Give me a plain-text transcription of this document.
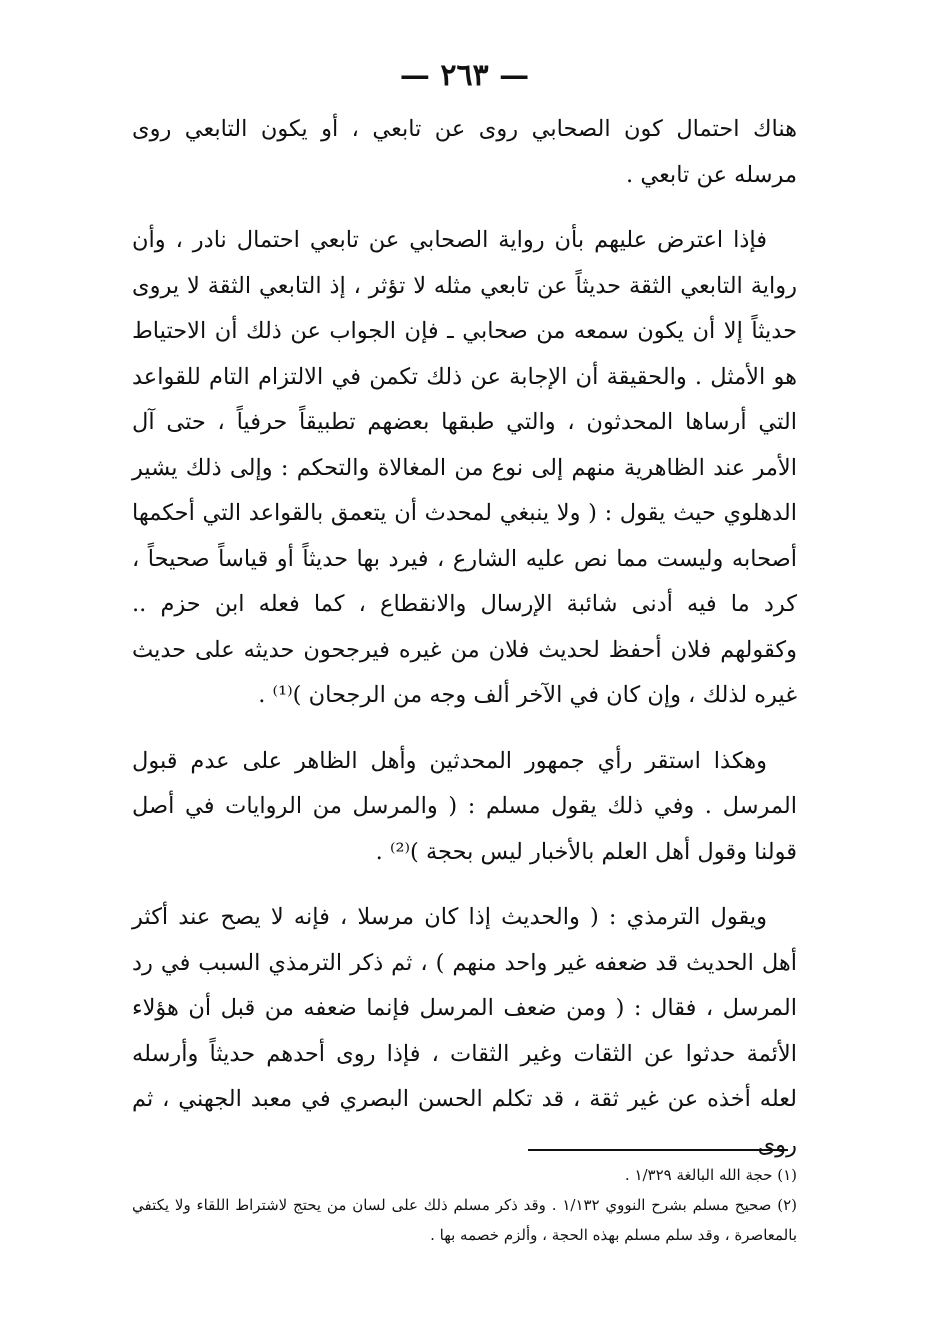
— ٢٦٣ —

هناك احتمال كون الصحابي روى عن تابعي ، أو يكون التابعي روى مرسله عن تابعي .

فإذا اعترض عليهم بأن رواية الصحابي عن تابعي احتمال نادر ، وأن رواية التابعي الثقة حديثاً عن تابعي مثله لا تؤثر ، إذ التابعي الثقة لا يروى حديثاً إلا أن يكون سمعه من صحابي ـ فإن الجواب عن ذلك أن الاحتياط هو الأمثل . والحقيقة أن الإجابة عن ذلك تكمن في الالتزام التام للقواعد التي أرساها المحدثون ، والتي طبقها بعضهم تطبيقاً حرفياً ، حتى آل الأمر عند الظاهرية منهم إلى نوع من المغالاة والتحكم : وإلى ذلك يشير الدهلوي حيث يقول : ( ولا ينبغي لمحدث أن يتعمق بالقواعد التي أحكمها أصحابه وليست مما نص عليه الشارع ، فيرد بها حديثاً أو قياساً صحيحاً ، كرد ما فيه أدنى شائبة الإرسال والانقطاع ، كما فعله ابن حزم .. وكقولهم فلان أحفظ لحديث فلان من غيره فيرجحون حديثه على حديث غيره لذلك ، وإن كان في الآخر ألف وجه من الرجحان )⁽¹⁾ .

وهكذا استقر رأي جمهور المحدثين وأهل الظاهر على عدم قبول المرسل . وفي ذلك يقول مسلم : ( والمرسل من الروايات في أصل قولنا وقول أهل العلم بالأخبار ليس بحجة )⁽²⁾ .

ويقول الترمذي : ( والحديث إذا كان مرسلا ، فإنه لا يصح عند أكثر أهل الحديث قد ضعفه غير واحد منهم ) ، ثم ذكر الترمذي السبب في رد المرسل ، فقال : ( ومن ضعف المرسل فإنما ضعفه من قبل أن هؤلاء الأئمة حدثوا عن الثقات وغير الثقات ، فإذا روى أحدهم حديثاً وأرسله لعله أخذه عن غير ثقة ، قد تكلم الحسن البصري في معبد الجهني ، ثم روى

(١) حجة الله البالغة ١/٣٢٩ .

(٢) صحيح مسلم بشرح النووي ١/١٣٢ . وقد ذكر مسلم ذلك على لسان من يحتج لاشتراط اللقاء ولا يكتفي بالمعاصرة ، وقد سلم مسلم بهذه الحجة ، وألزم خصمه بها .
